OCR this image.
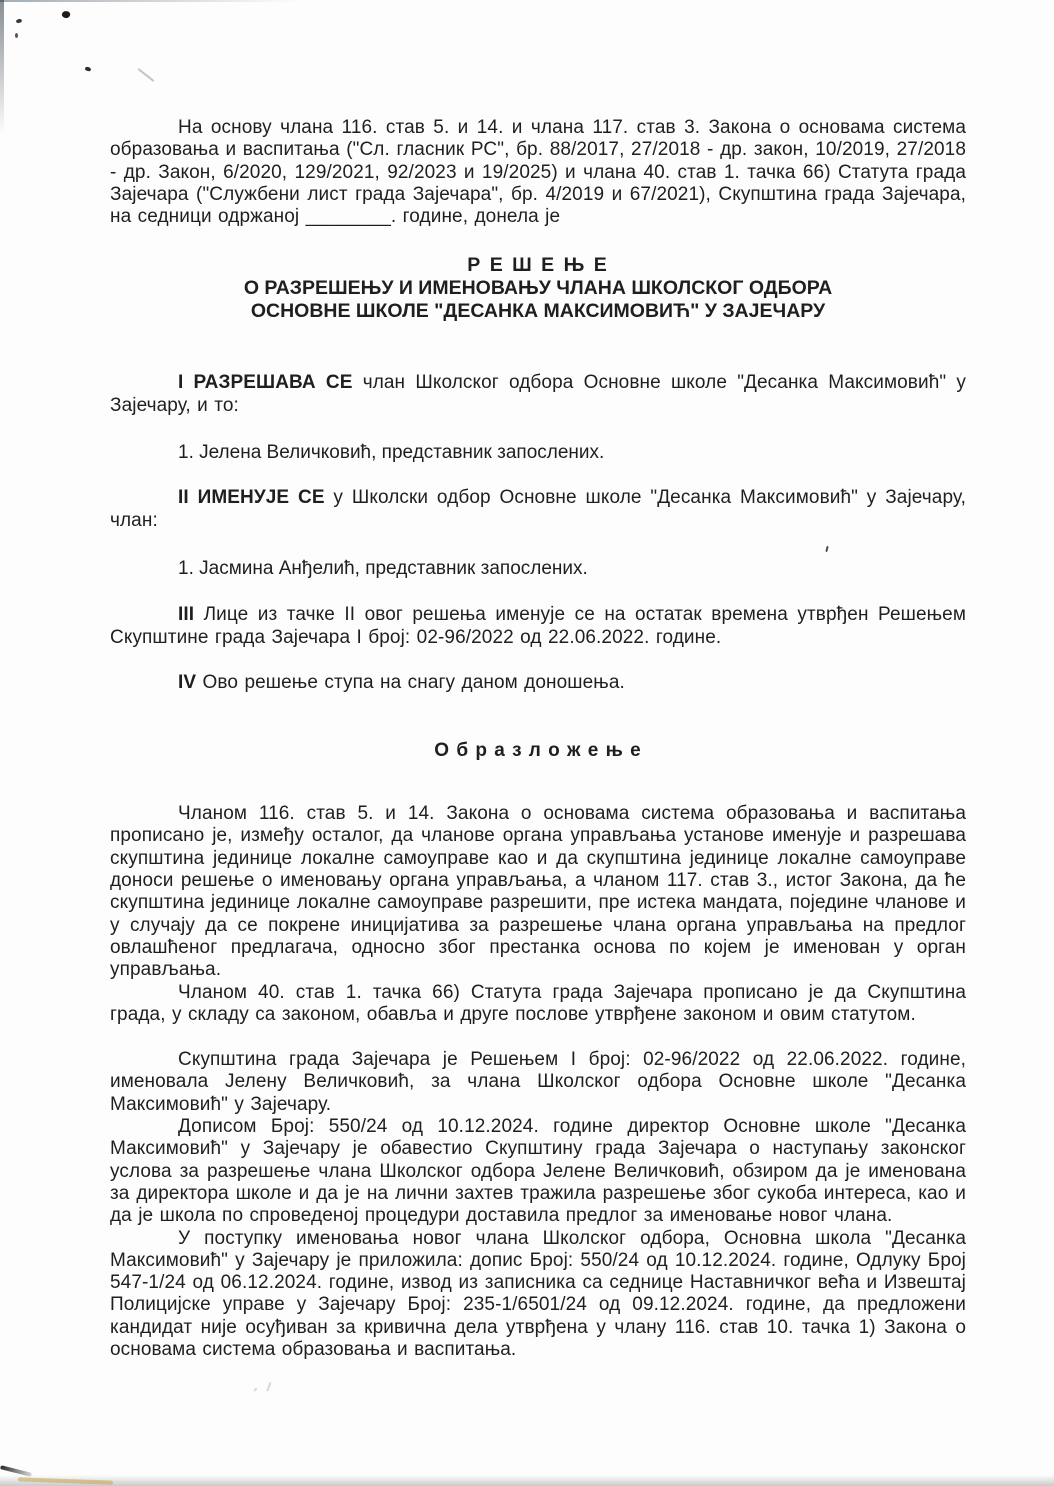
На основу члана 116. став 5. и 14. и члана 117. став 3. Закона о основама система образовања и васпитања ("Сл. гласник РС", бр. 88/2017, 27/2018 - др. закон, 10/2019, 27/2018 - др. Закон, 6/2020, 129/2021, 92/2023 и 19/2025) и члана 40. став 1. тачка 66) Статута града Зајечара ("Службени лист града Зајечара", бр. 4/2019 и 67/2021), Скупштина града Зајечара, на седници одржаној ________. године, донела је

Р Е Ш Е Њ Е
О РАЗРЕШЕЊУ И ИМЕНОВАЊУ ЧЛАНА ШКОЛСКОГ ОДБОРА
ОСНОВНЕ ШКОЛЕ "ДЕСАНКА МАКСИМОВИЋ" У ЗАЈЕЧАРУ

I РАЗРЕШАВА СЕ члан Школског одбора Основне школе "Десанка Максимовић" у Зајечару, и то:

1. Јелена Величковић, представник запослених.

II ИМЕНУЈЕ СЕ у Школски одбор Основне школе "Десанка Максимовић" у Зајечару, члан:

1. Јасмина Анђелић, представник запослених.

III Лице из тачке II овог решења именује се на остатак времена утврђен Решењем Скупштине града Зајечара I број: 02-96/2022 од 22.06.2022. године.

IV Ово решење ступа на снагу даном доношења.

О б р а з л о ж е њ е

Чланом 116. став 5. и 14. Закона о основама система образовања и васпитања прописано је, између осталог, да чланове органа управљања установе именује и разрешава скупштина јединице локалне самоуправе као и да скупштина јединице локалне самоуправе доноси решење о именовању органа управљања, а чланом 117. став 3., истог Закона, да ће скупштина јединице локалне самоуправе разрешити, пре истека мандата, поједине чланове и у случају да се покрене иницијатива за разрешење члана органа управљања на предлог овлашћеног предлагача, односно због престанка основа по којем је именован у орган управљања.

Чланом 40. став 1. тачка 66) Статута града Зајечара прописано је да Скупштина града, у складу са законом, обавља и друге послове утврђене законом и овим статутом.

Скупштина града Зајечара је Решењем I број: 02-96/2022 од 22.06.2022. године, именовала Јелену Величковић, за члана Школског одбора Основне школе "Десанка Максимовић" у Зајечару.

Дописом Број: 550/24 од 10.12.2024. године директор Основне школе "Десанка Максимовић" у Зајечару је обавестио Скупштину града Зајечара о наступању законског услова за разрешење члана Школског одбора Јелене Величковић, обзиром да је именована за директора школе и да је на лични захтев тражила разрешење због сукоба интереса, као и да је школа по спроведеној процедури доставила предлог за именовање новог члана.

У поступку именовања новог члана Школског одбора, Основна школа "Десанка Максимовић" у Зајечару је приложила: допис Број: 550/24 од 10.12.2024. године, Одлуку Број 547-1/24 од 06.12.2024. године, извод из записника са седнице Наставничког већа и Извештај Полицијске управе у Зајечару Број: 235-1/6501/24 од 09.12.2024. године, да предложени кандидат није осуђиван за кривична дела утврђена у члану 116. став 10. тачка 1) Закона о основама система образовања и васпитања.
